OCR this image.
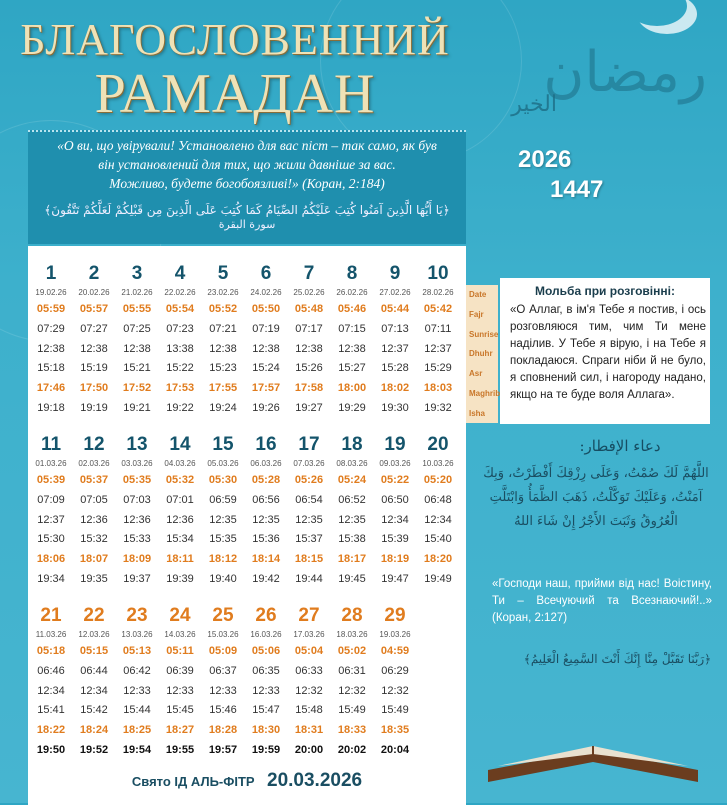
БЛАГОСЛОВЕННИЙ
РАМАДАН	رمضان
الخير
2026
1447
«О ви, що увірували! Установлено для вас піст – так само, як був
він установлений для тих, що жили давніше за вас.
Можливо, будете богобоязливі!» (Коран, 2:184)
﴿يَا أَيُّهَا الَّذِينَ آمَنُوا كُتِبَ عَلَيْكُمُ الصِّيَامُ كَمَا كُتِبَ عَلَى الَّذِينَ مِن قَبْلِكُمْ لَعَلَّكُمْ تَتَّقُونَ﴾
سورة البقرة
1
19.02.26
05:59
07:29
12:38
15:18
17:46
19:18
2
20.02.26
05:57
07:27
12:38
15:19
17:50
19:19
3
21.02.26
05:55
07:25
12:38
15:21
17:52
19:21
4
22.02.26
05:54
07:23
13:38
15:22
17:53
19:22
5
23.02.26
05:52
07:21
12:38
15:23
17:55
19:24
6
24.02.26
05:50
07:19
12:38
15:24
17:57
19:26
7
25.02.26
05:48
07:17
12:38
15:26
17:58
19:27
8
26.02.26
05:46
07:15
12:38
15:27
18:00
19:29
9
27.02.26
05:44
07:13
12:37
15:28
18:02
19:30
10
28.02.26
05:42
07:11
12:37
15:29
18:03
19:32
11
01.03.26
05:39
07:09
12:37
15:30
18:06
19:34
12
02.03.26
05:37
07:05
12:36
15:32
18:07
19:35
13
03.03.26
05:35
07:03
12:36
15:33
18:09
19:37
14
04.03.26
05:32
07:01
12:36
15:34
18:11
19:39
15
05.03.26
05:30
06:59
12:35
15:35
18:12
19:40
16
06.03.26
05:28
06:56
12:35
15:36
18:14
19:42
17
07.03.26
05:26
06:54
12:35
15:37
18:15
19:44
18
08.03.26
05:24
06:52
12:35
15:38
18:17
19:45
19
09.03.26
05:22
06:50
12:34
15:39
18:19
19:47
20
10.03.26
05:20
06:48
12:34
15:40
18:20
19:49
21
11.03.26
05:18
06:46
12:34
15:41
18:22
19:50
22
12.03.26
05:15
06:44
12:34
15:42
18:24
19:52
23
13.03.26
05:13
06:42
12:33
15:44
18:25
19:54
24
14.03.26
05:11
06:39
12:33
15:45
18:27
19:55
25
15.03.26
05:09
06:37
12:33
15:46
18:28
19:57
26
16.03.26
05:06
06:35
12:33
15:47
18:30
19:59
27
17.03.26
05:04
06:33
12:32
15:48
18:31
20:00
28
18.03.26
05:02
06:31
12:32
15:49
18:33
20:02
29
19.03.26
04:59
06:29
12:32
15:49
18:35
20:04
Date
Fajr
Sunrise
Dhuhr
Asr
Maghrib
Isha
Мольба при розговінні:
«О Аллаг, в ім'я Тебе я постив, і ось розговляюся тим, чим Ти мене наділив. У Тебе я вірую, і на Тебе я покладаюся. Спраги ніби й не було, я сповнений сил, і нагороду надано, якщо на те буде воля Аллага».
دعاء الإفطار:
اللَّهُمَّ لَكَ صُمْتُ، وَعَلَى رِزْقِكَ أَفْطَرْتُ، وَبِكَ آمَنْتُ، وَعَلَيْكَ تَوَكَّلْتُ، ذَهَبَ الظَّمَأُ وَابْتَلَّتِ الْعُرُوقُ وَثَبَتَ الأَجْرُ إِنْ شَاءَ اللهُ
«Господи наш, прийми від нас! Воістину, Ти – Всечуючий та Всезнаючий!..» (Коран, 2:127)
﴿رَبَّنَا تَقَبَّلْ مِنَّا إِنَّكَ أَنْتَ السَّمِيعُ الْعَلِيمُ﴾
Свято ІД АЛЬ-ФІТР 20.03.2026
